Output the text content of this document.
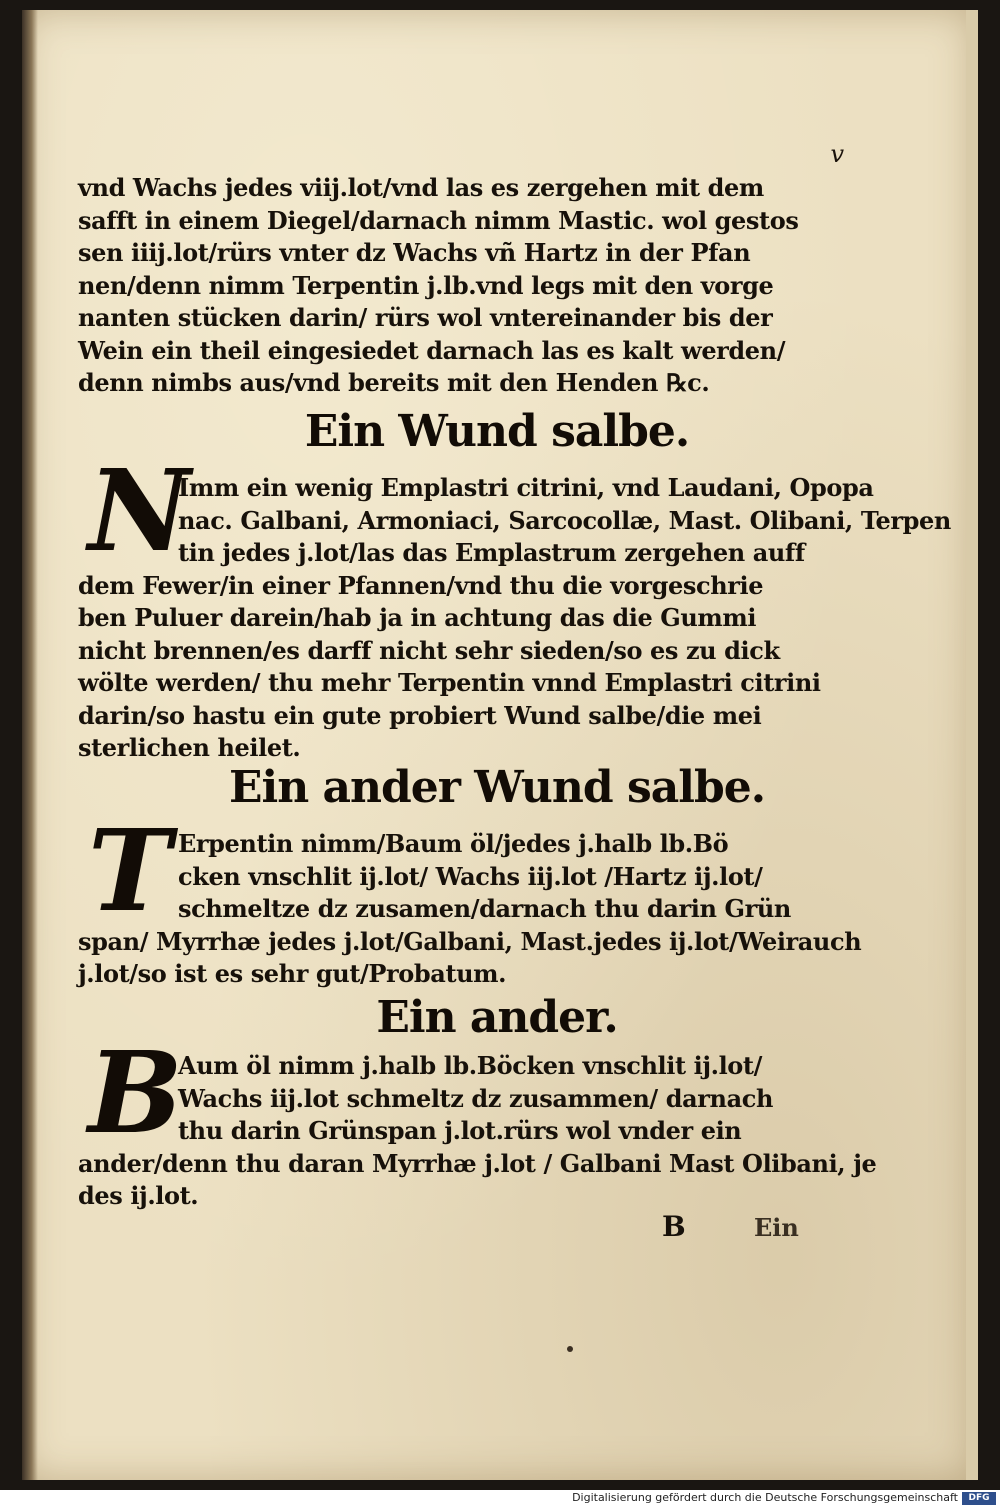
v
vnd Wachs jedes viij.lot/vnd las es zergehen mit dem
safft in einem Diegel/darnach nimm Mastic. wol gestos
sen iiij.lot/rürs vnter dz Wachs vñ Hartz in der Pfan
nen/denn nimm Terpentin j.lb.vnd legs mit den vorge
nanten stücken darin/ rürs wol vntereinander bis der
Wein ein theil eingesiedet darnach las es kalt werden/
denn nimbs aus/vnd bereits mit den Henden ℞c.
Ein Wund salbe.
N
Imm ein wenig Emplastri citrini, vnd Laudani, Opopa
nac. Galbani, Armoniaci, Sarcocollæ, Mast. Olibani, Terpen
tin jedes j.lot/las das Emplastrum zergehen auff
dem Fewer/in einer Pfannen/vnd thu die vorgeschrie
ben Puluer darein/hab ja in achtung das die Gummi
nicht brennen/es darff nicht sehr sieden/so es zu dick
wölte werden/ thu mehr Terpentin vnnd Emplastri citrini
darin/so hastu ein gute probiert Wund salbe/die mei
sterlichen heilet.
Ein ander Wund salbe.
T Erpentin nimm/Baum öl/jedes j.halb lb.Bö
cken vnschlit ij.lot/ Wachs iij.lot /Hartz ij.lot/
schmeltze dz zusamen/darnach thu darin Grün
span/ Myrrhæ jedes j.lot/Galbani, Mast.jedes ij.lot/Weirauch
j.lot/so ist es sehr gut/Probatum.
Ein ander.
B
Aum öl nimm j.halb lb.Böcken vnschlit ij.lot/
Wachs iij.lot schmeltz dz zusammen/ darnach
thu darin Grünspan j.lot.rürs wol vnder ein
ander/denn thu daran Myrrhæ j.lot / Galbani Mast Olibani, je
des ij.lot.
B	Ein
Digitalisierung gefördert durch die Deutsche Forschungsgemeinschaft	DFG
